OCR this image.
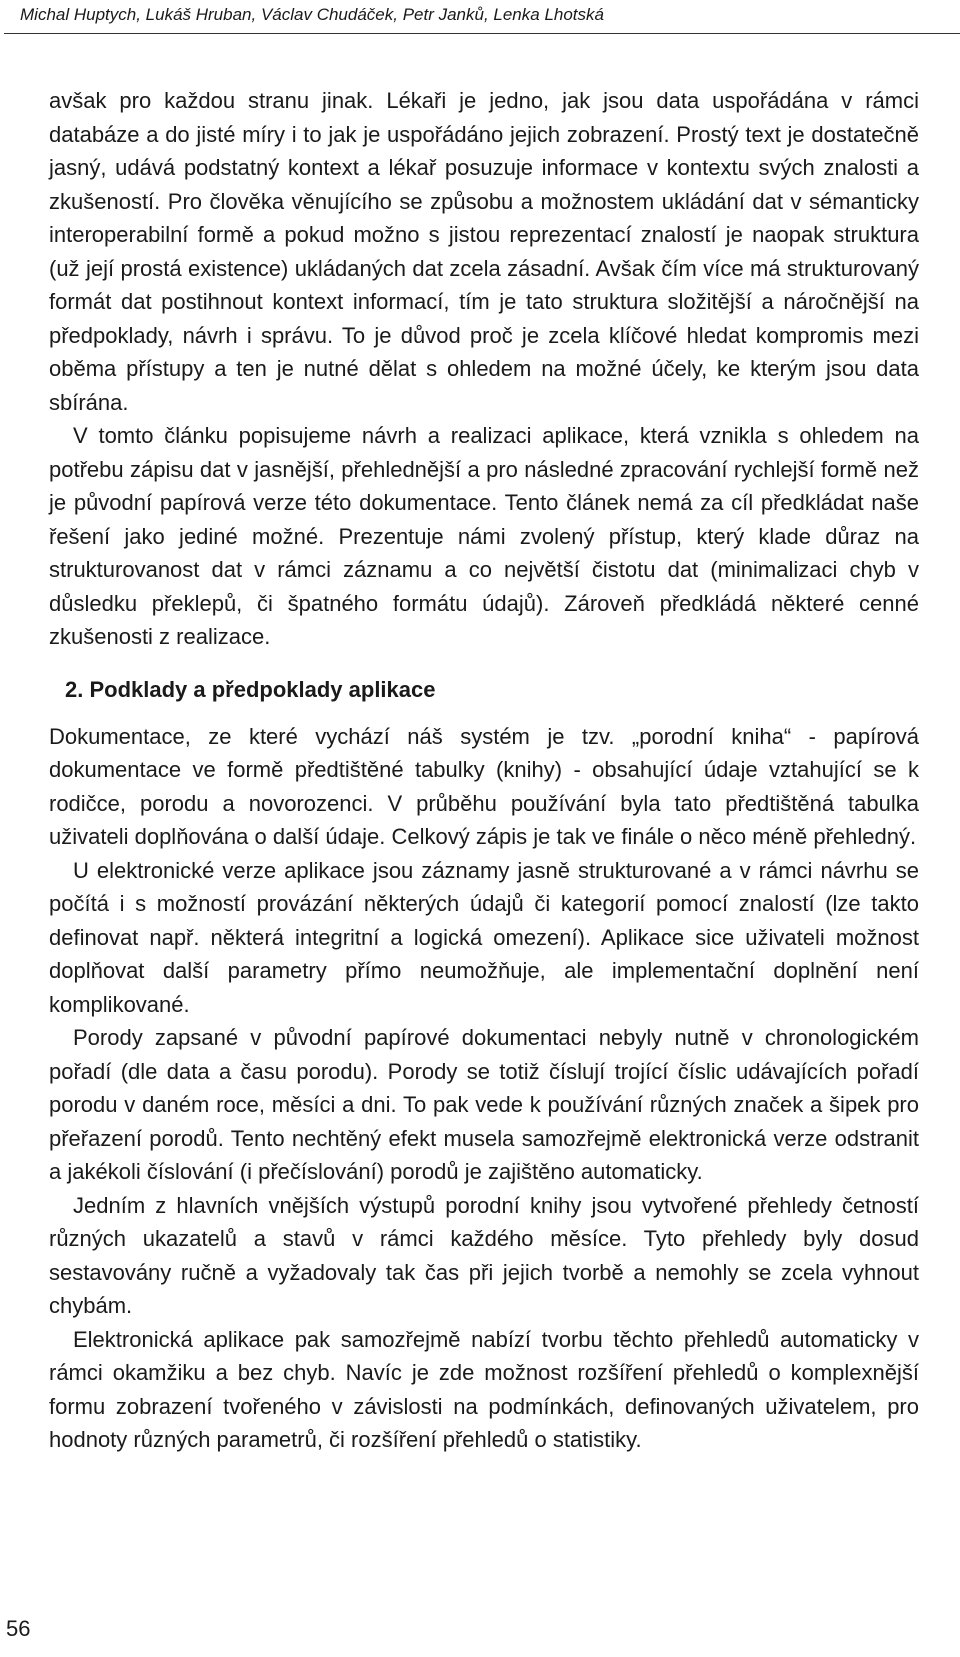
Michal Huptych, Lukáš Hruban, Václav Chudáček, Petr Janků, Lenka Lhotská

avšak pro každou stranu jinak. Lékaři je jedno, jak jsou data uspořádána v rámci databáze a do jisté míry i to jak je uspořádáno jejich zobrazení. Prostý text je dostatečně jasný, udává podstatný kontext a lékař posuzuje informace v kontextu svých znalosti a zkušeností. Pro člověka věnujícího se způsobu a možnostem ukládání dat v sémanticky interoperabilní formě a pokud možno s jistou reprezentací znalostí je naopak struktura (už její prostá existence) ukládaných dat zcela zásadní. Avšak čím více má strukturovaný formát dat postihnout kontext informací, tím je tato struktura složitější a náročnější na předpoklady, návrh i správu. To je důvod proč je zcela klíčové hledat kompromis mezi oběma přístupy a ten je nutné dělat s ohledem na možné účely, ke kterým jsou data sbírána.

V tomto článku popisujeme návrh a realizaci aplikace, která vznikla s ohledem na potřebu zápisu dat v jasnější, přehlednější a pro následné zpracování rychlejší formě než je původní papírová verze této dokumentace. Tento článek nemá za cíl předkládat naše řešení jako jediné možné. Prezentuje námi zvolený přístup, který klade důraz na strukturovanost dat v rámci záznamu a co největší čistotu dat (minimalizaci chyb v důsledku překlepů, či špatného formátu údajů). Zároveň předkládá některé cenné zkušenosti z realizace.

2. Podklady a předpoklady aplikace

Dokumentace, ze které vychází náš systém je tzv. „porodní kniha“ - papírová dokumentace ve formě předtištěné tabulky (knihy) - obsahující údaje vztahující se k rodičce, porodu a novorozenci. V průběhu používání byla tato předtištěná tabulka uživateli doplňována o další údaje. Celkový zápis je tak ve finále o něco méně přehledný.

U elektronické verze aplikace jsou záznamy jasně strukturované a v rámci návrhu se počítá i s možností provázání některých údajů či kategorií pomocí znalostí (lze takto definovat např. některá integritní a logická omezení). Aplikace sice uživateli možnost doplňovat další parametry přímo neumožňuje, ale implementační doplnění není komplikované.

Porody zapsané v původní papírové dokumentaci nebyly nutně v chronologickém pořadí (dle data a času porodu). Porody se totiž číslují trojící číslic udávajících pořadí porodu v daném roce, měsíci a dni. To pak vede k používání různých značek a šipek pro přeřazení porodů. Tento nechtěný efekt musela samozřejmě elektronická verze odstranit a jakékoli číslování (i přečíslování) porodů je zajištěno automaticky.

Jedním z hlavních vnějších výstupů porodní knihy jsou vytvořené přehledy četností různých ukazatelů a stavů v rámci každého měsíce. Tyto přehledy byly dosud sestavovány ručně a vyžadovaly tak čas při jejich tvorbě a nemohly se zcela vyhnout chybám.

Elektronická aplikace pak samozřejmě nabízí tvorbu těchto přehledů automaticky v rámci okamžiku a bez chyb. Navíc je zde možnost rozšíření přehledů o komplexnější formu zobrazení tvořeného v závislosti na podmínkách, definovaných uživatelem, pro hodnoty různých parametrů, či rozšíření přehledů o statistiky.

56
